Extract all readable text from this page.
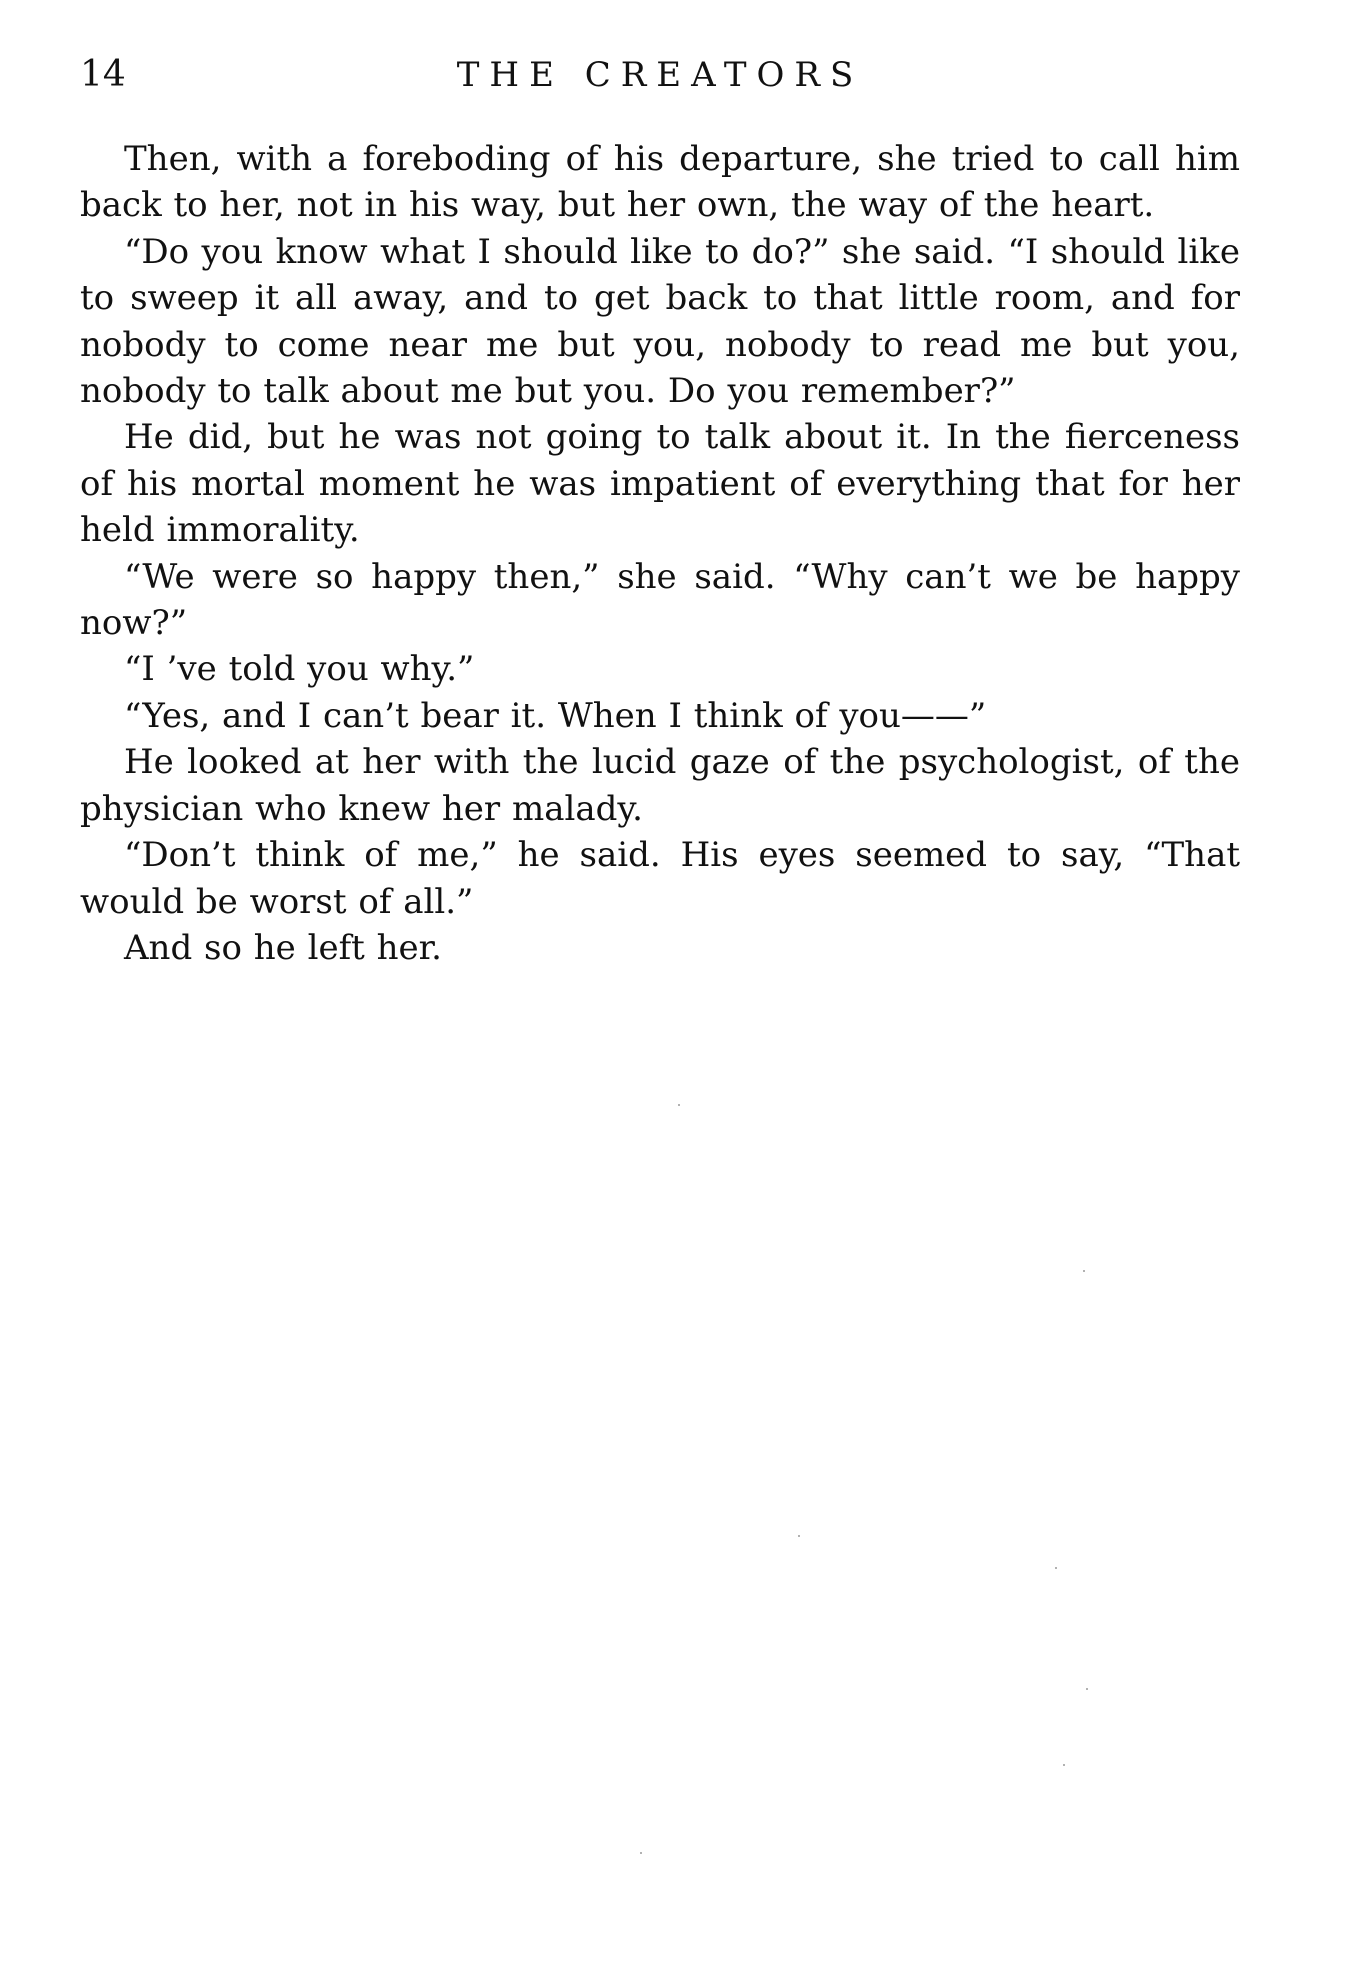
14	THE CREATORS

Then, with a foreboding of his departure, she tried to call him back to her, not in his way, but her own, the way of the heart.

“Do you know what I should like to do?” she said. “I should like to sweep it all away, and to get back to that little room, and for nobody to come near me but you, nobody to read me but you, nobody to talk about me but you. Do you remember?”

He did, but he was not going to talk about it. In the fierceness of his mortal moment he was impatient of everything that for her held immorality.

“We were so happy then,” she said. “Why can’t we be happy now?”

“I ’ve told you why.”

“Yes, and I can’t bear it. When I think of you——”

He looked at her with the lucid gaze of the psychologist, of the physician who knew her malady.

“Don’t think of me,” he said. His eyes seemed to say, “That would be worst of all.”

And so he left her.
